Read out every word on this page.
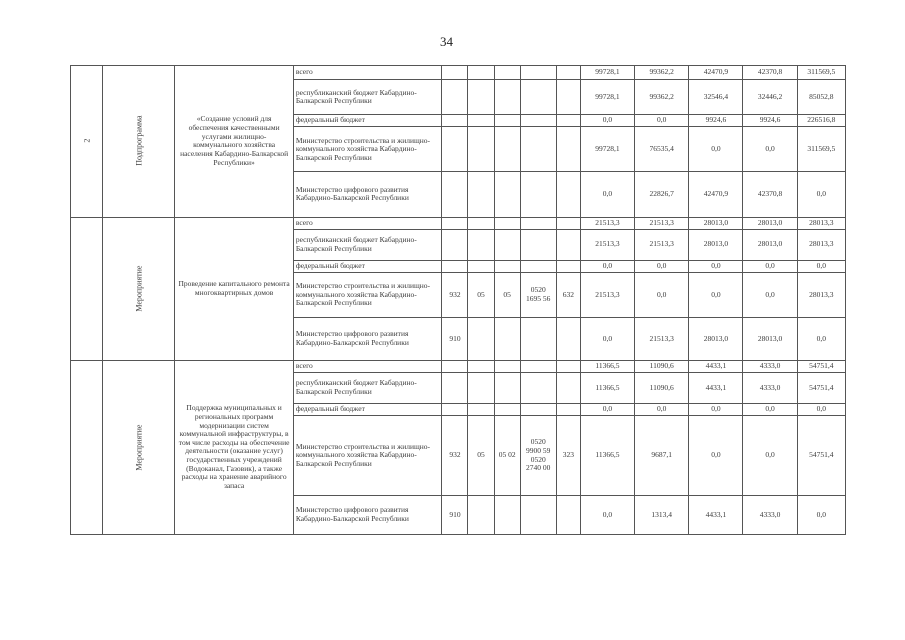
34
2	Подпрограмма	«Создание условий для обеспечения качественными услугами жилищно-коммунального хозяйства населения Кабардино-Балкарской Республики»	всего						99728,1	99362,2	42470,9	42370,8	311569,5
			республиканский бюджет Кабардино-Балкарской Республики						99728,1	99362,2	32546,4	32446,2	85052,8
			федеральный бюджет						0,0	0,0	9924,6	9924,6	226516,8
			Министерство строительства и жилищно-коммунального хозяйства Кабардино-Балкарской Республики						99728,1	76535,4	0,0	0,0	311569,5
			Министерство цифрового развития Кабардино-Балкарской Республики						0,0	22826,7	42470,9	42370,8	0,0
	Мероприятие	Проведение капитального ремонта многоквартирных домов	всего						21513,3	21513,3	28013,0	28013,0	28013,3
			республиканский бюджет Кабардино-Балкарской Республики						21513,3	21513,3	28013,0	28013,0	28013,3
			федеральный бюджет						0,0	0,0	0,0	0,0	0,0
			Министерство строительства и жилищно-коммунального хозяйства Кабардино-Балкарской Республики	932	05	05	0520 1695 56	632	21513,3	0,0	0,0	0,0	28013,3
			Министерство цифрового развития Кабардино-Балкарской Республики	910					0,0	21513,3	28013,0	28013,0	0,0
	Мероприятие	Поддержка муниципальных и региональных программ модернизации систем коммунальной инфраструктуры, в том числе расходы на обеспечение деятельности (оказание услуг) государственных учреждений (Водоканал, Газовик), а также расходы на хранение аварийного запаса	всего						11366,5	11090,6	4433,1	4333,0	54751,4
			республиканский бюджет Кабардино-Балкарской Республики						11366,5	11090,6	4433,1	4333,0	54751,4
			федеральный бюджет						0,0	0,0	0,0	0,0	0,0
			Министерство строительства и жилищно-коммунального хозяйства Кабардино-Балкарской Республики	932	05	05 02	0520 9900 59 0520 2740 00	323	11366,5	9687,1	0,0	0,0	54751,4
			Министерство цифрового развития Кабардино-Балкарской Республики	910					0,0	1313,4	4433,1	4333,0	0,0
